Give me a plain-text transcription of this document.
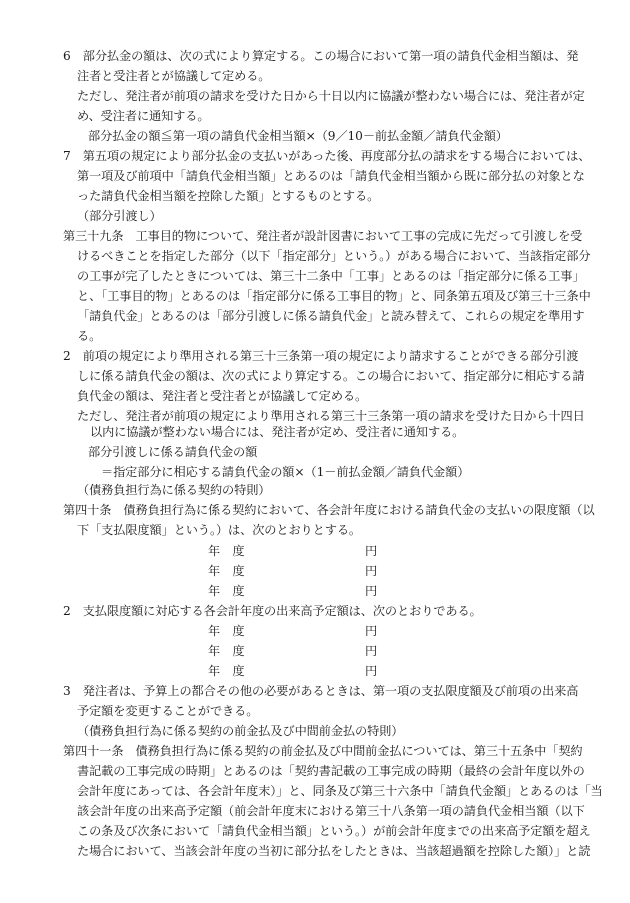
6　部分払金の額は、次の式により算定する。この場合において第一項の請負代金相当額は、発
注者と受注者とが協議して定める。
ただし、発注者が前項の請求を受けた日から十日以内に協議が整わない場合には、発注者が定
め、受注者に通知する。
部分払金の額≦第一項の請負代金相当額×（9／10－前払金額／請負代金額）
7　第五項の規定により部分払金の支払いがあった後、再度部分払の請求をする場合においては、
第一項及び前項中「請負代金相当額」とあるのは「請負代金相当額から既に部分払の対象とな
った請負代金相当額を控除した額」とするものとする。
（部分引渡し）
第三十九条　工事目的物について、発注者が設計図書において工事の完成に先だって引渡しを受
けるべきことを指定した部分（以下「指定部分」という。）がある場合において、当該指定部分
の工事が完了したときについては、第三十二条中「工事」とあるのは「指定部分に係る工事」
と、「工事目的物」とあるのは「指定部分に係る工事目的物」と、同条第五項及び第三十三条中
「請負代金」とあるのは「部分引渡しに係る請負代金」と読み替えて、これらの規定を準用す
る。
2　前項の規定により準用される第三十三条第一項の規定により請求することができる部分引渡
しに係る請負代金の額は、次の式により算定する。この場合において、指定部分に相応する請
負代金の額は、発注者と受注者とが協議して定める。
ただし、発注者が前項の規定により準用される第三十三条第一項の請求を受けた日から十四日
以内に協議が整わない場合には、発注者が定め、受注者に通知する。
部分引渡しに係る請負代金の額
＝指定部分に相応する請負代金の額×（1－前払金額／請負代金額）
（債務負担行為に係る契約の特則）
第四十条　債務負担行為に係る契約において、各会計年度における請負代金の支払いの限度額（以
下「支払限度額」という。）は、次のとおりとする。
年　度	円
年　度	円
年　度	円
2　支払限度額に対応する各会計年度の出来高予定額は、次のとおりである。
年　度	円
年　度	円
年　度	円
3　発注者は、予算上の都合その他の必要があるときは、第一項の支払限度額及び前項の出来高
予定額を変更することができる。
（債務負担行為に係る契約の前金払及び中間前金払の特則）
第四十一条　債務負担行為に係る契約の前金払及び中間前金払については、第三十五条中「契約
書記載の工事完成の時期」とあるのは「契約書記載の工事完成の時期（最終の会計年度以外の
会計年度にあっては、各会計年度末）」と、同条及び第三十六条中「請負代金額」とあるのは「当
該会計年度の出来高予定額（前会計年度末における第三十八条第一項の請負代金相当額（以下
この条及び次条において「請負代金相当額」という。）が前会計年度までの出来高予定額を超え
た場合において、当該会計年度の当初に部分払をしたときは、当該超過額を控除した額）」と読
